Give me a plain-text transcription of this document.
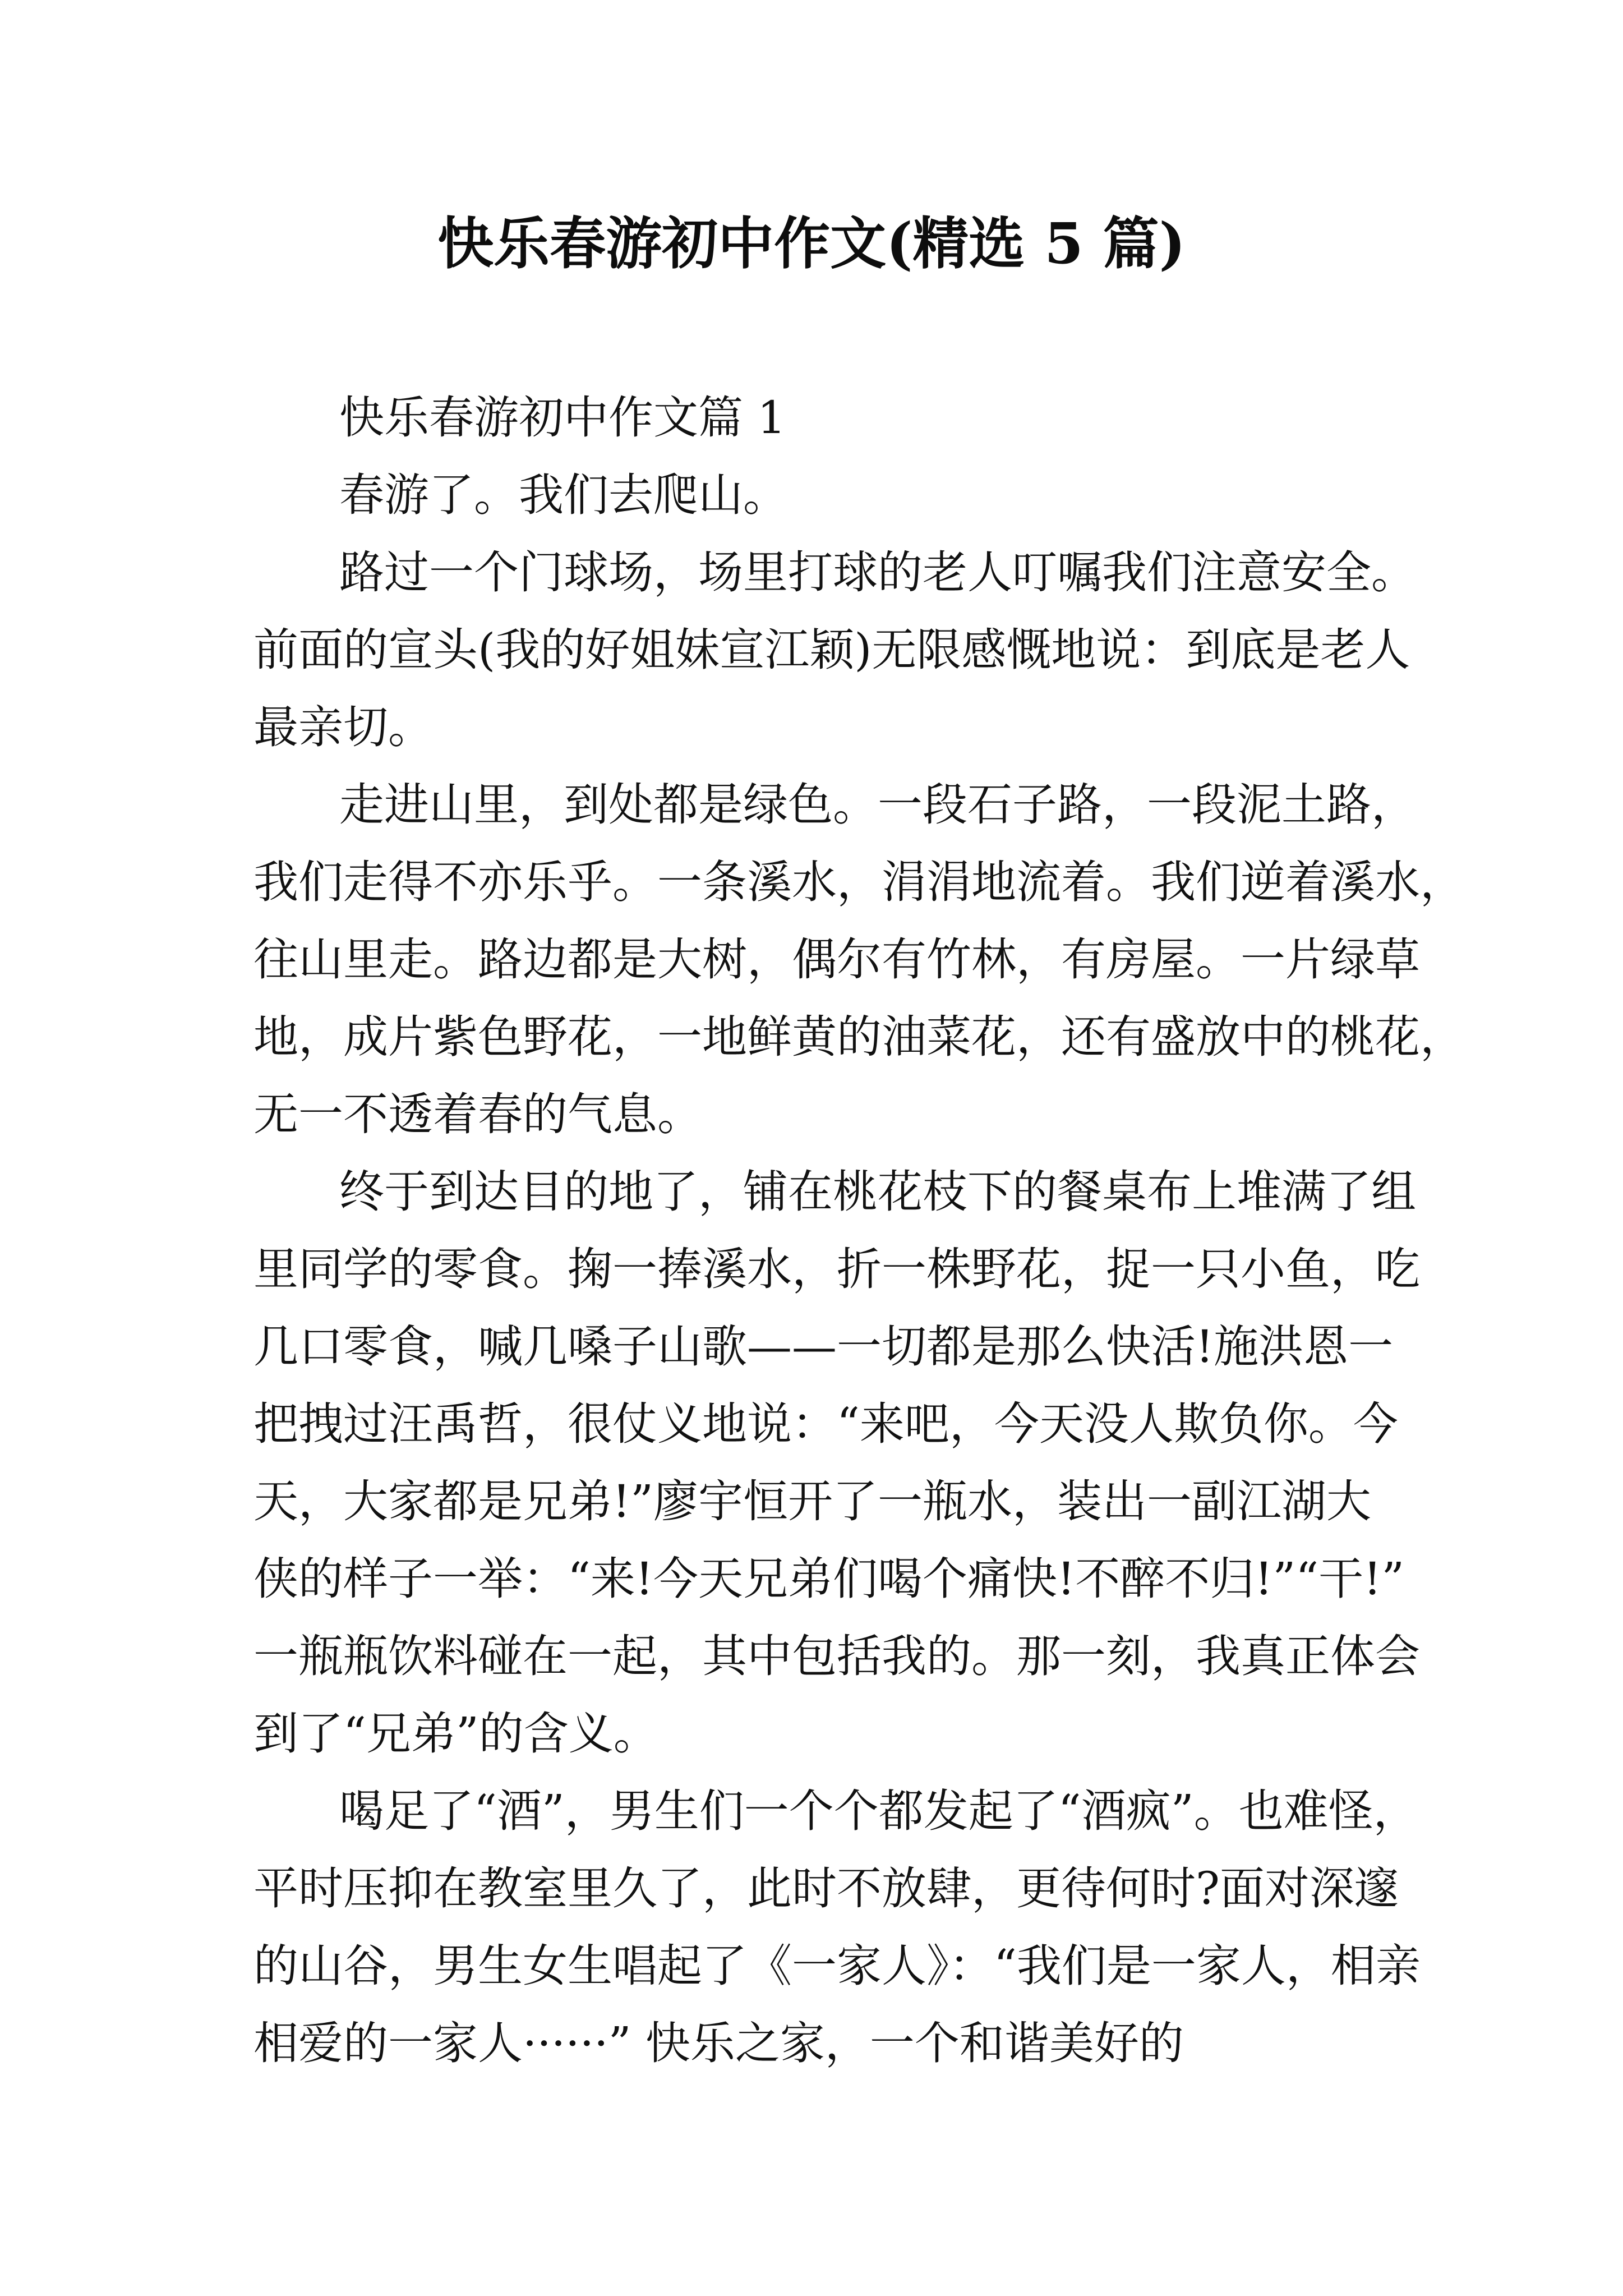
快乐春游初中作文(精选 5 篇)
快乐春游初中作文篇 1
春游了。我们去爬山。
路过一个门球场，场里打球的老人叮嘱我们注意安全。
前面的宣头(我的好姐妹宣江颖)无限感慨地说：到底是老人
最亲切。
走进山里，到处都是绿色。一段石子路，一段泥土路，
我们走得不亦乐乎。一条溪水，涓涓地流着。我们逆着溪水，
往山里走。路边都是大树，偶尔有竹林，有房屋。一片绿草
地，成片紫色野花，一地鲜黄的油菜花，还有盛放中的桃花，
无一不透着春的气息。
终于到达目的地了，铺在桃花枝下的餐桌布上堆满了组
里同学的零食。掬一捧溪水，折一株野花，捉一只小鱼，吃
几口零食，喊几嗓子山歌——一切都是那么快活!施洪恩一
把拽过汪禹哲，很仗义地说：“来吧，今天没人欺负你。今
天，大家都是兄弟!”廖宇恒开了一瓶水，装出一副江湖大
侠的样子一举：“来!今天兄弟们喝个痛快!不醉不归!”“干!”
一瓶瓶饮料碰在一起，其中包括我的。那一刻，我真正体会
到了“兄弟”的含义。
喝足了“酒”，男生们一个个都发起了“酒疯”。也难怪，
平时压抑在教室里久了，此时不放肆，更待何时?面对深邃
的山谷，男生女生唱起了《一家人》：“我们是一家人，相亲
相爱的一家人······” 快乐之家，一个和谐美好的
